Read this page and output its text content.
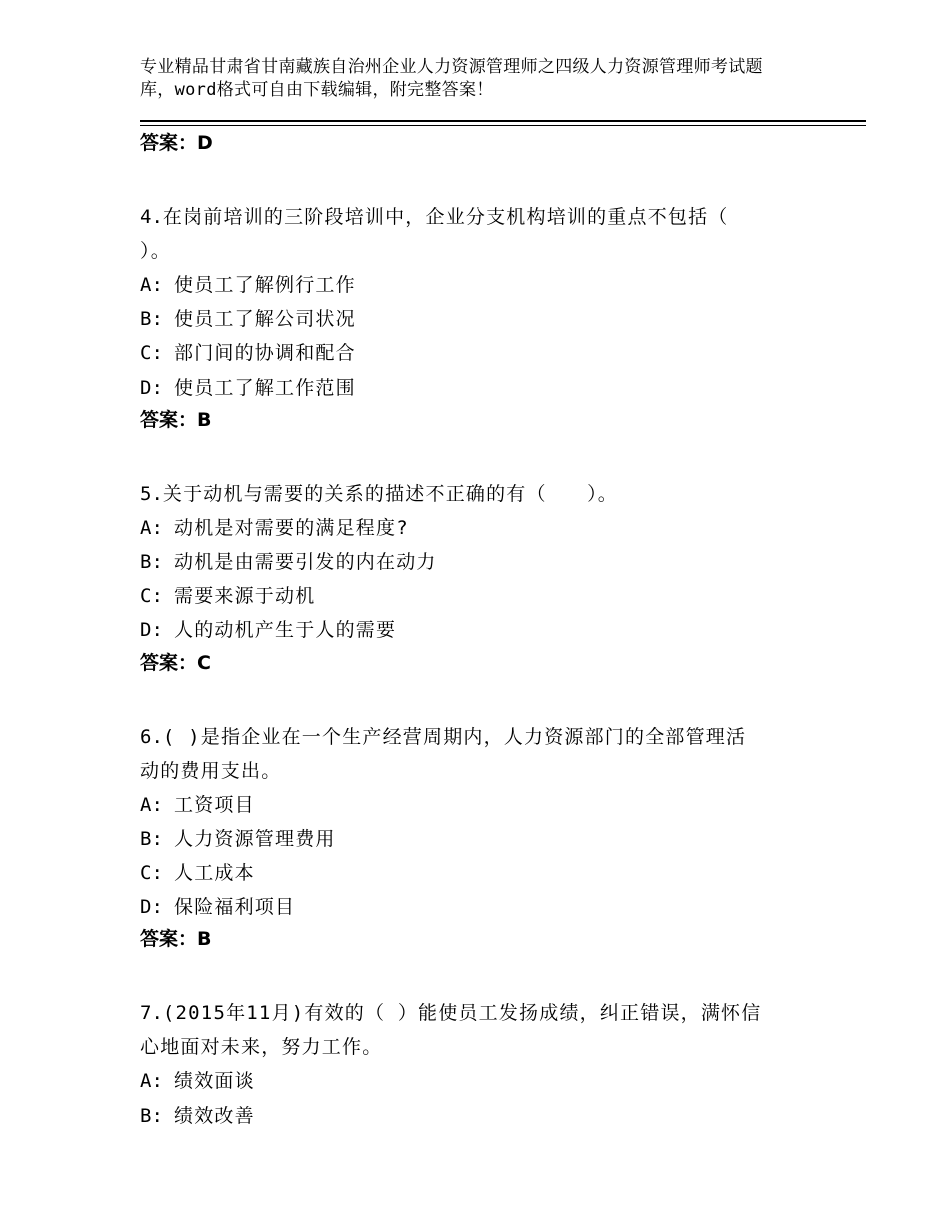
专业精品甘肃省甘南藏族自治州企业人力资源管理师之四级人力资源管理师考试题
库，word格式可自由下载编辑，附完整答案！

答案：D

4.在岗前培训的三阶段培训中，企业分支机构培训的重点不包括（

）。

A: 使员工了解例行工作

B: 使员工了解公司状况

C: 部门间的协调和配合

D: 使员工了解工作范围

答案：B

5.关于动机与需要的关系的描述不正确的有（　　）。

A: 动机是对需要的满足程度?

B: 动机是由需要引发的内在动力

C: 需要来源于动机

D: 人的动机产生于人的需要

答案：C

6.( )是指企业在一个生产经营周期内，人力资源部门的全部管理活

动的费用支出。

A: 工资项目

B: 人力资源管理费用

C: 人工成本

D: 保险福利项目

答案：B

7.(2015年11月)有效的（ ）能使员工发扬成绩，纠正错误，满怀信

心地面对未来，努力工作。

A: 绩效面谈

B: 绩效改善
